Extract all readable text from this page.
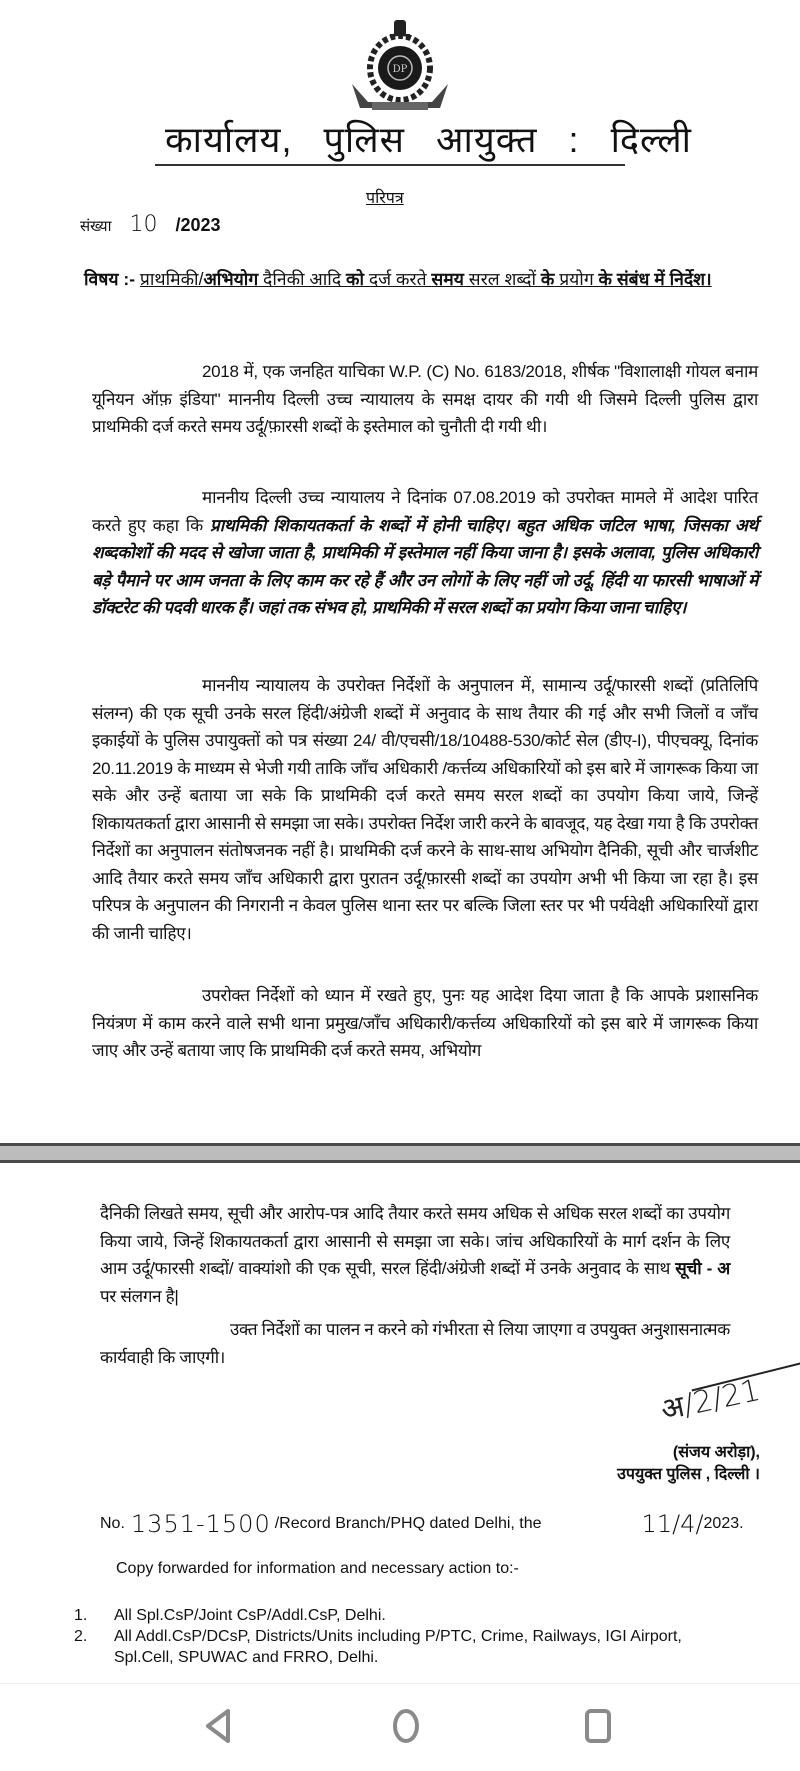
DP
कार्यालय, पुलिस आयुक्त : दिल्ली
परिपत्र
संख्या 10 /2023
विषय :- प्राथमिकी/अभियोग दैनिकी आदि को दर्ज करते समय सरल शब्दों के प्रयोग के संबंध में निर्देश।
2018 में, एक जनहित याचिका W.P. (C) No. 6183/2018, शीर्षक "विशालाक्षी गोयल बनाम यूनियन ऑफ़ इंडिया" माननीय दिल्ली उच्च न्यायालय के समक्ष दायर की गयी थी जिसमे दिल्ली पुलिस द्वारा प्राथमिकी दर्ज करते समय उर्दू/फ़ारसी शब्दों के इस्तेमाल को चुनौती दी गयी थी।
माननीय दिल्ली उच्च न्यायालय ने दिनांक 07.08.2019 को उपरोक्त मामले में आदेश पारित करते हुए कहा कि प्राथमिकी शिकायतकर्ता के शब्दों में होनी चाहिए। बहुत अधिक जटिल भाषा, जिसका अर्थ शब्दकोशों की मदद से खोजा जाता है, प्राथमिकी में इस्तेमाल नहीं किया जाना है। इसके अलावा, पुलिस अधिकारी बड़े पैमाने पर आम जनता के लिए काम कर रहे हैं और उन लोगों के लिए नहीं जो उर्दू, हिंदी या फारसी भाषाओं में डॉक्टरेट की पदवी धारक हैं। जहां तक संभव हो, प्राथमिकी में सरल शब्दों का प्रयोग किया जाना चाहिए।
माननीय न्यायालय के उपरोक्त निर्देशों के अनुपालन में, सामान्य उर्दू/फारसी शब्दों (प्रतिलिपि संलग्न) की एक सूची उनके सरल हिंदी/अंग्रेजी शब्दों में अनुवाद के साथ तैयार की गई और सभी जिलों व जाँच इकाईयों के पुलिस उपायुक्तों को पत्र संख्या 24/ वी/एचसी/18/10488-530/कोर्ट सेल (डीए-I), पीएचक्यू, दिनांक 20.11.2019 के माध्यम से भेजी गयी ताकि जाँच अधिकारी /कर्त्तव्य अधिकारियों को इस बारे में जागरूक किया जा सके और उन्हें बताया जा सके कि प्राथमिकी दर्ज करते समय सरल शब्दों का उपयोग किया जाये, जिन्हें शिकायतकर्ता द्वारा आसानी से समझा जा सके। उपरोक्त निर्देश जारी करने के बावजूद, यह देखा गया है कि उपरोक्त निर्देशों का अनुपालन संतोषजनक नहीं है। प्राथमिकी दर्ज करने के साथ-साथ अभियोग दैनिकी, सूची और चार्जशीट आदि तैयार करते समय जाँच अधिकारी द्वारा पुरातन उर्दू/फ़ारसी शब्दों का उपयोग अभी भी किया जा रहा है। इस परिपत्र के अनुपालन की निगरानी न केवल पुलिस थाना स्तर पर बल्कि जिला स्तर पर भी पर्यवेक्षी अधिकारियों द्वारा की जानी चाहिए।
उपरोक्त निर्देशों को ध्यान में रखते हुए, पुनः यह आदेश दिया जाता है कि आपके प्रशासनिक नियंत्रण में काम करने वाले सभी थाना प्रमुख/जाँच अधिकारी/कर्त्तव्य अधिकारियों को इस बारे में जागरूक किया जाए और उन्हें बताया जाए कि प्राथमिकी दर्ज करते समय, अभियोग
दैनिकी लिखते समय, सूची और आरोप-पत्र आदि तैयार करते समय अधिक से अधिक सरल शब्दों का उपयोग किया जाये, जिन्हें शिकायतकर्ता द्वारा आसानी से समझा जा सके। जांच अधिकारियों के मार्ग दर्शन के लिए आम उर्दू/फारसी शब्दों/ वाक्यांशो की एक सूची, सरल हिंदी/अंग्रेजी शब्दों में उनके अनुवाद के साथ सूची - अ पर संलगन है|
उक्त निर्देशों का पालन न करने को गंभीरता से लिया जाएगा व उपयुक्त अनुशासनात्मक कार्यवाही कि जाएगी।
अ/2/21
(संजय अरोड़ा),
उपयुक्त पुलिस , दिल्ली ।
No. 1351-1500 /Record Branch/PHQ dated Delhi, the	11/4/ 2023.
Copy forwarded for information and necessary action to:-
1.	All Spl.CsP/Joint CsP/Addl.CsP, Delhi.
2.	All Addl.CsP/DCsP, Districts/Units including P/PTC, Crime, Railways, IGI Airport, Spl.Cell, SPUWAC and FRRO, Delhi.
